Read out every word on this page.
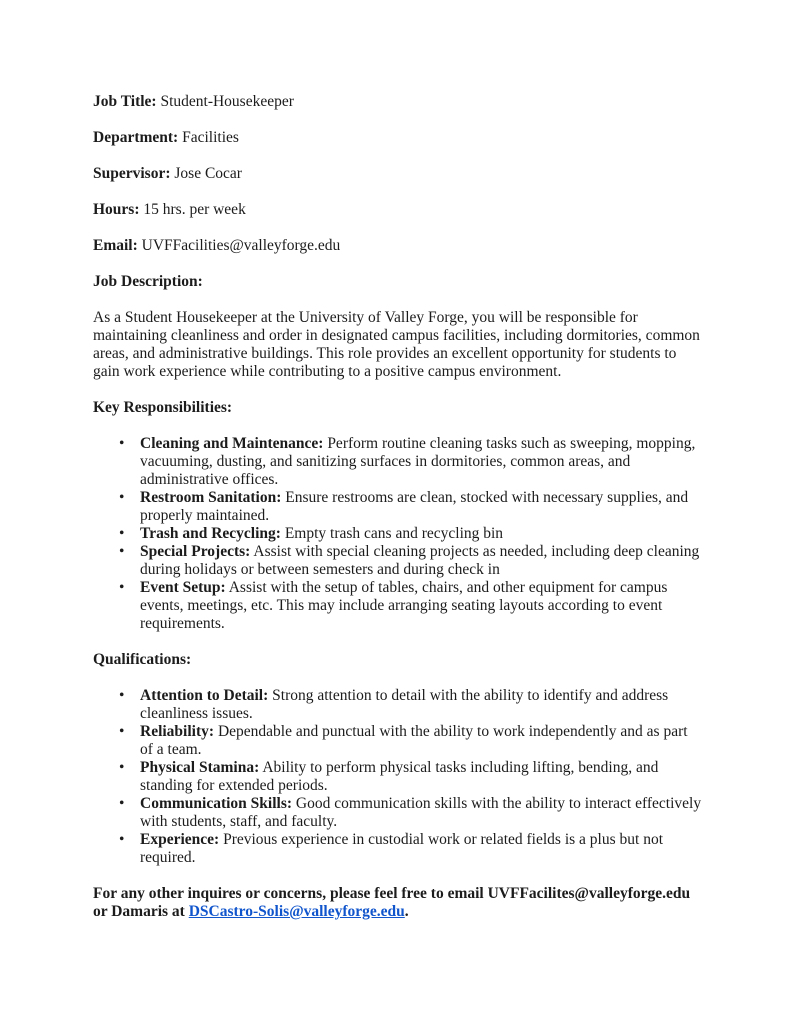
Job Title: Student-Housekeeper

Department: Facilities

Supervisor: Jose Cocar

Hours: 15 hrs. per week

Email: UVFFacilities@valleyforge.edu

Job Description:

As a Student Housekeeper at the University of Valley Forge, you will be responsible for maintaining cleanliness and order in designated campus facilities, including dormitories, common areas, and administrative buildings. This role provides an excellent opportunity for students to gain work experience while contributing to a positive campus environment.

Key Responsibilities:

• Cleaning and Maintenance: Perform routine cleaning tasks such as sweeping, mopping, vacuuming, dusting, and sanitizing surfaces in dormitories, common areas, and administrative offices.
• Restroom Sanitation: Ensure restrooms are clean, stocked with necessary supplies, and properly maintained.
• Trash and Recycling: Empty trash cans and recycling bin
• Special Projects: Assist with special cleaning projects as needed, including deep cleaning during holidays or between semesters and during check in
• Event Setup: Assist with the setup of tables, chairs, and other equipment for campus events, meetings, etc. This may include arranging seating layouts according to event requirements.

Qualifications:

• Attention to Detail: Strong attention to detail with the ability to identify and address cleanliness issues.
• Reliability: Dependable and punctual with the ability to work independently and as part of a team.
• Physical Stamina: Ability to perform physical tasks including lifting, bending, and standing for extended periods.
• Communication Skills: Good communication skills with the ability to interact effectively with students, staff, and faculty.
• Experience: Previous experience in custodial work or related fields is a plus but not required.

For any other inquires or concerns, please feel free to email UVFFacilites@valleyforge.edu or Damaris at DSCastro-Solis@valleyforge.edu.
